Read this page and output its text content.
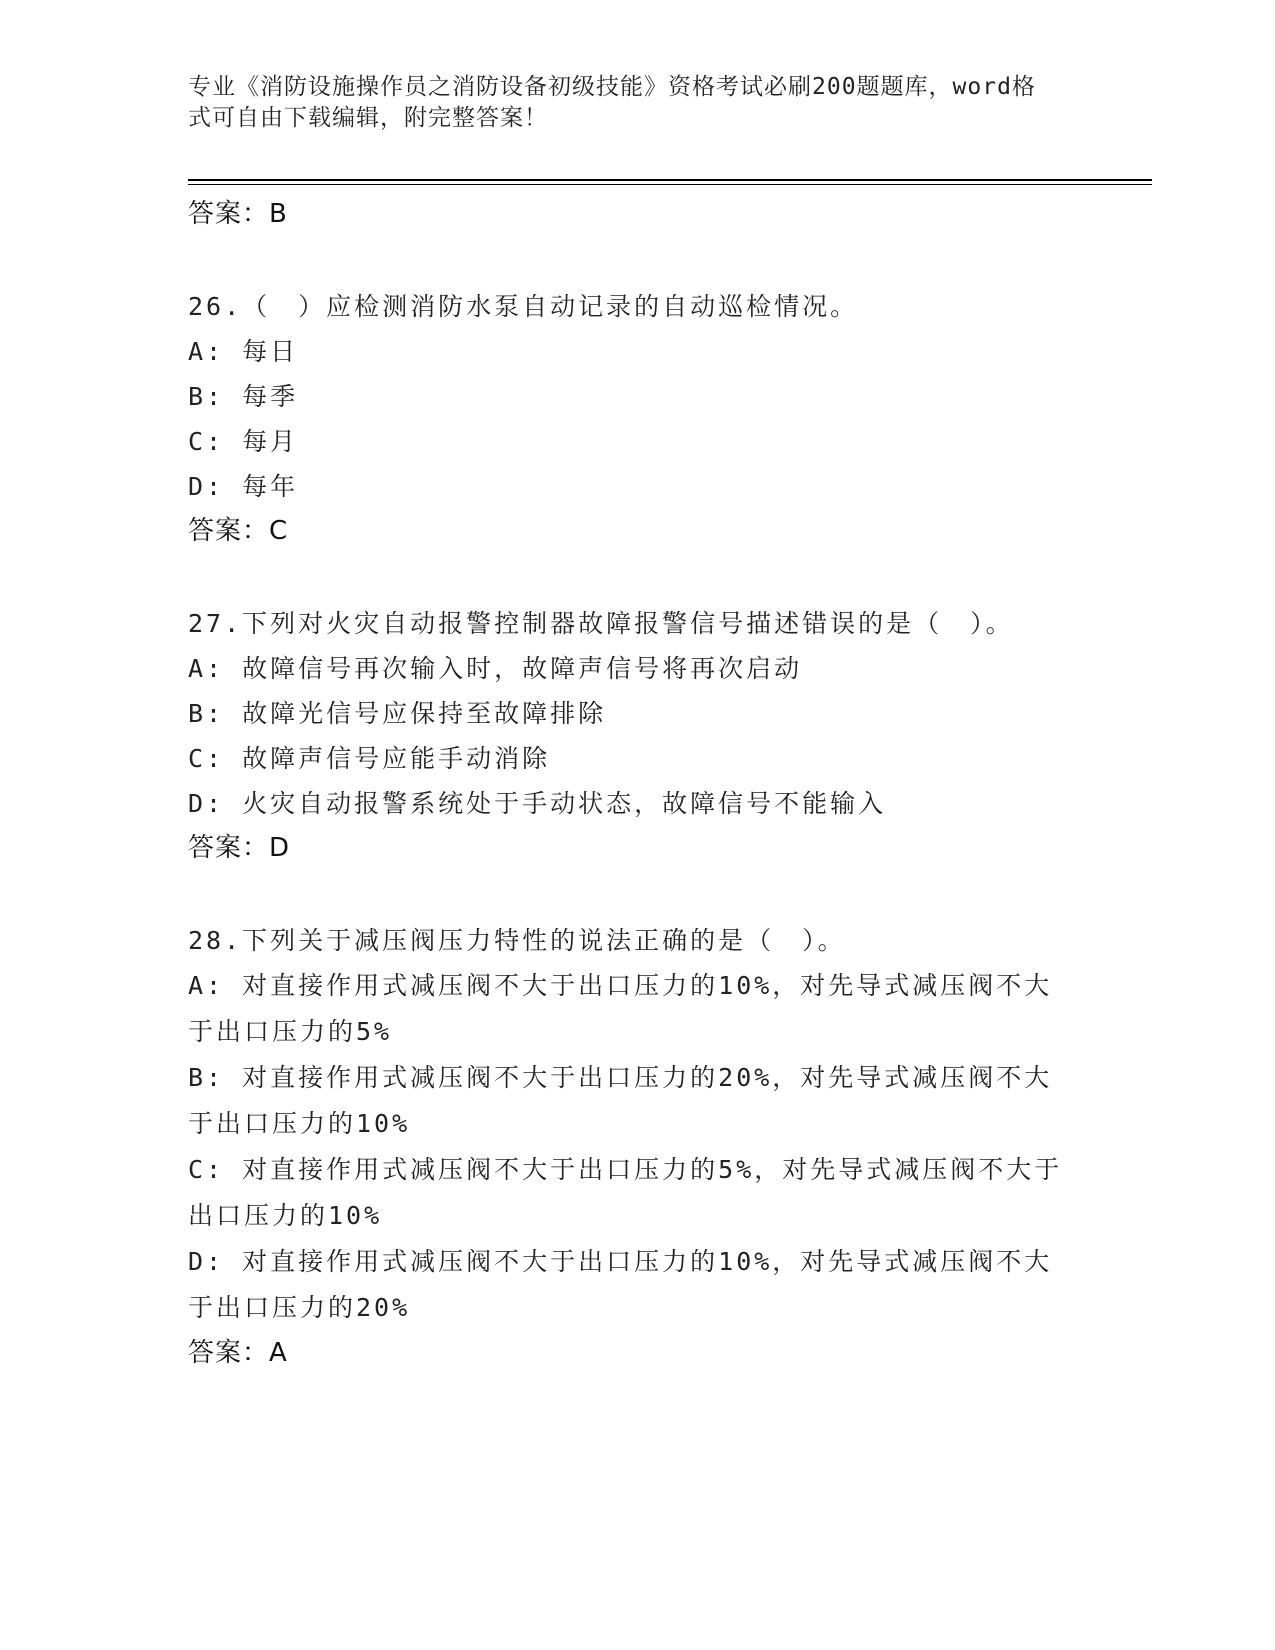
专业《消防设施操作员之消防设备初级技能》资格考试必刷200题题库，word格
式可自由下载编辑，附完整答案！
答案：B
26.（　）应检测消防水泵自动记录的自动巡检情况。
A: 每日
B: 每季
C: 每月
D: 每年
答案：C
27.下列对火灾自动报警控制器故障报警信号描述错误的是（　）。
A: 故障信号再次输入时，故障声信号将再次启动
B: 故障光信号应保持至故障排除
C: 故障声信号应能手动消除
D: 火灾自动报警系统处于手动状态，故障信号不能输入
答案：D
28.下列关于减压阀压力特性的说法正确的是（　）。
A: 对直接作用式减压阀不大于出口压力的10%，对先导式减压阀不大于出口压力的5%
B: 对直接作用式减压阀不大于出口压力的20%，对先导式减压阀不大于出口压力的10%
C: 对直接作用式减压阀不大于出口压力的5%，对先导式减压阀不大于出口压力的10%
D: 对直接作用式减压阀不大于出口压力的10%，对先导式减压阀不大于出口压力的20%
答案：A
